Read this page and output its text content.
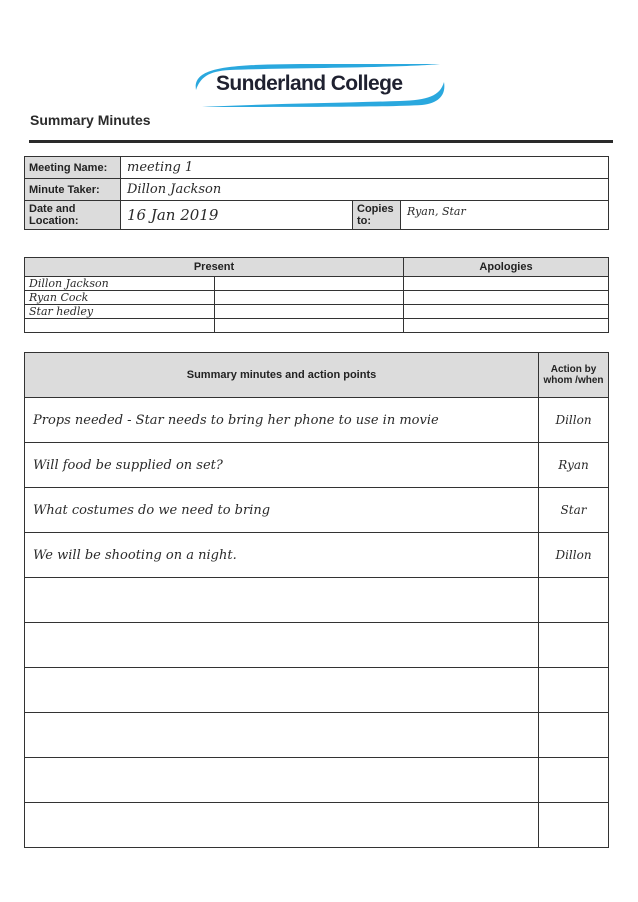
Sunderland College
Summary Minutes
Meeting Name:	meeting 1		
Minute Taker:	Dillon Jackson		
Date and Location:	16 Jan 2019	Copies to:	Ryan, Star
Present		Apologies
Dillon Jackson		
Ryan Cock		
Star hedley		

Summary minutes and action points	Action by whom /when
Props needed - Star needs to bring her phone to use in movie	Dillon
Will food be supplied on set?	Ryan
What costumes do we need to bring	Star
We will be shooting on a night.	Dillon
